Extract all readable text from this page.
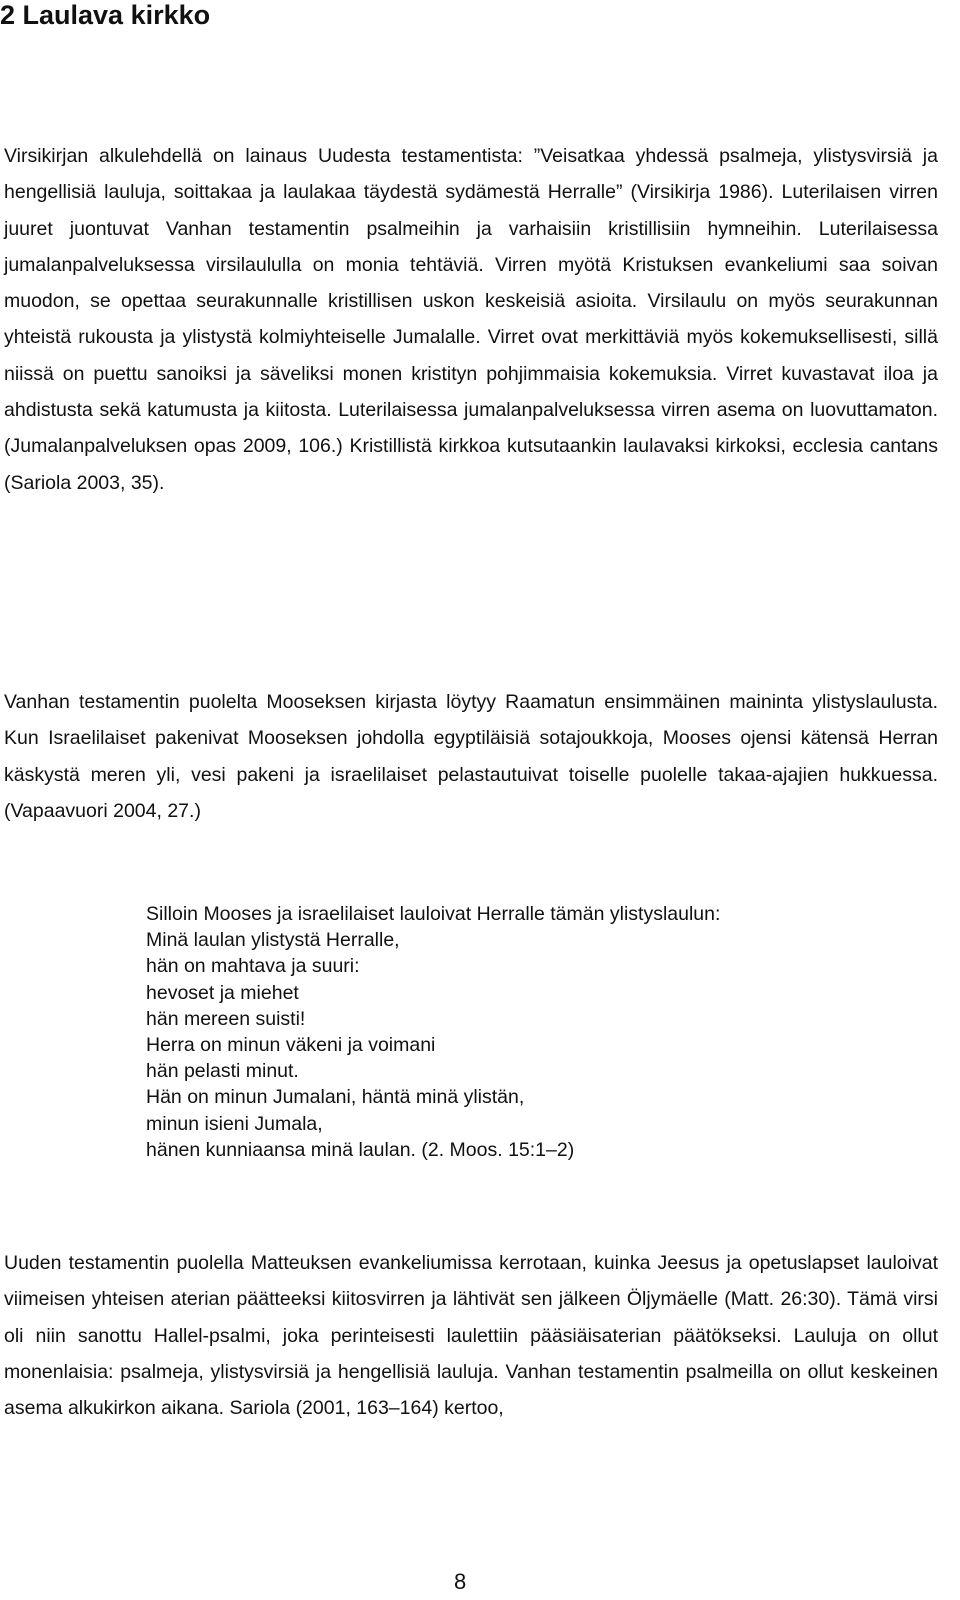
2 Laulava kirkko

Virsikirjan alkulehdellä on lainaus Uudesta testamentista: ”Veisatkaa yhdessä psalmeja, ylistysvirsiä ja hengellisiä lauluja, soittakaa ja laulakaa täydestä sydämestä Herralle” (Virsikirja 1986). Luterilaisen virren juuret juontuvat Vanhan testamentin psalmeihin ja varhaisiin kristillisiin hymneihin. Luterilaisessa jumalanpalveluksessa virsilaululla on monia tehtäviä. Virren myötä Kristuksen evankeliumi saa soivan muodon, se opettaa seurakunnalle kristillisen uskon keskeisiä asioita. Virsilaulu on myös seurakunnan yhteistä rukousta ja ylistystä kolmiyhteiselle Jumalalle. Virret ovat merkittäviä myös kokemuksellisesti, sillä niissä on puettu sanoiksi ja säveliksi monen kristityn pohjimmaisia kokemuksia. Virret kuvastavat iloa ja ahdistusta sekä katumusta ja kiitosta. Luterilaisessa jumalanpalveluksessa virren asema on luovuttamaton. (Jumalanpalveluksen opas 2009, 106.) Kristillistä kirkkoa kutsutaankin laulavaksi kirkoksi, ecclesia cantans (Sariola 2003, 35).

Vanhan testamentin puolelta Mooseksen kirjasta löytyy Raamatun ensimmäinen maininta ylistyslaulusta. Kun Israelilaiset pakenivat Mooseksen johdolla egyptiläisiä sotajoukkoja, Mooses ojensi kätensä Herran käskystä meren yli, vesi pakeni ja israelilaiset pelastautuivat toiselle puolelle takaa-ajajien hukkuessa. (Vapaavuori 2004, 27.)

Silloin Mooses ja israelilaiset lauloivat Herralle tämän ylistyslaulun:
Minä laulan ylistystä Herralle,
hän on mahtava ja suuri:
hevoset ja miehet
hän mereen suisti!
Herra on minun väkeni ja voimani
hän pelasti minut.
Hän on minun Jumalani, häntä minä ylistän,
minun isieni Jumala,
hänen kunniaansa minä laulan. (2. Moos. 15:1–2)

Uuden testamentin puolella Matteuksen evankeliumissa kerrotaan, kuinka Jeesus ja opetuslapset lauloivat viimeisen yhteisen aterian päätteeksi kiitosvirren ja lähtivät sen jälkeen Öljymäelle (Matt. 26:30). Tämä virsi oli niin sanottu Hallel-psalmi, joka perinteisesti laulettiin pääsiäisaterian päätökseksi. Lauluja on ollut monenlaisia: psalmeja, ylistysvirsiä ja hengellisiä lauluja. Vanhan testamentin psalmeilla on ollut keskeinen asema alkukirkon aikana. Sariola (2001, 163–164) kertoo,

8
